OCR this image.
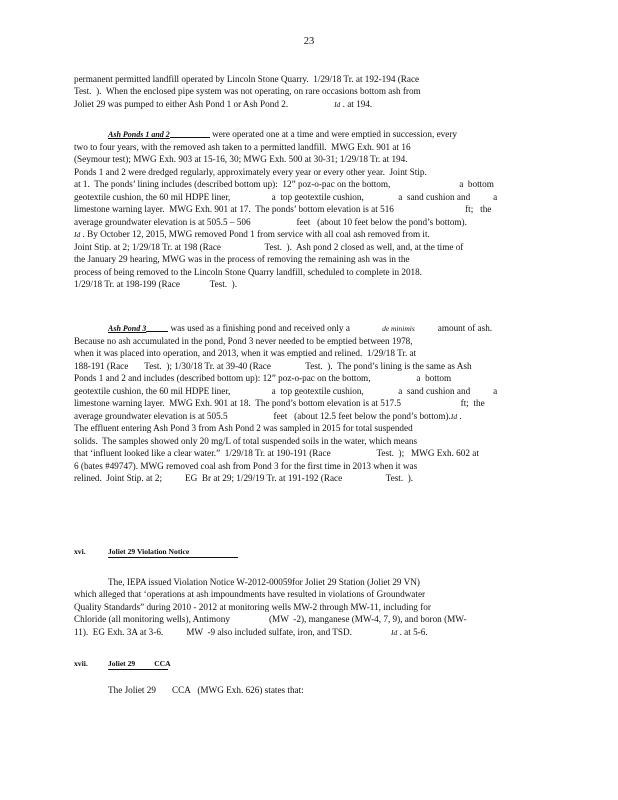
23
permanent permitted landfill operated by Lincoln Stone Quarry.  1/29/18 Tr. at 192-194 (Race
Test.  ).  When the enclosed pipe system was not operating, on rare occasions bottom ash from
Joliet 29 was pumped to either Ash Pond 1 or Ash Pond 2.                    Id . at 194.
Ash Ponds 1 and 2	were operated one at a time and were emptied in succession, every
two to four years, with the removed ash taken to a permitted landfill.  MWG Exh. 901 at 16
(Seymour test); MWG Exh. 903 at 15-16, 30; MWG Exh. 500 at 30-31; 1/29/18 Tr. at 194.
Ponds 1 and 2 were dredged regularly, approximately every year or every other year.  Joint Stip.
at 1.  The ponds’ lining includes (described bottom up):  12” poz-o-pac on the bottom,                              a  bottom
geotextile cushion, the 60 mil HDPE liner,                  a  top geotextile cushion,               a  sand cushion and          a
limestone warning layer.  MWG Exh. 901 at 17.  The ponds’ bottom elevation is at 516                               ft;   the
average groundwater elevation is at 505.5 – 506                    feet   (about 10 feet below the pond’s bottom).
Id . By October 12, 2015, MWG removed Pond 1 from service with all coal ash removed from it.
Joint Stip. at 2; 1/29/18 Tr. at 198 (Race                   Test.  ).  Ash pond 2 closed as well, and, at the time of
the January 29 hearing, MWG was in the process of removing the remaining ash was in the
process of being removed to the Lincoln Stone Quarry landfill, scheduled to complete in 2018.
1/29/18 Tr. at 198-199 (Race             Test.  ).
Ash Pond 3 was used as a finishing pond and received only a              de minimis          amount of ash.
Because no ash accumulated in the pond, Pond 3 never needed to be emptied between 1978,
when it was placed into operation, and 2013, when it was emptied and relined.  1/29/18 Tr. at
188-191 (Race       Test.  ); 1/30/18 Tr. at 39-40 (Race               Test.  ).  The pond’s lining is the same as Ash
Ponds 1 and 2 and includes (described bottom up): 12” poz-o-pac on the bottom,                    a  bottom
geotextile cushion, the 60 mil HDPE liner,                  a  top geotextile cushion,               a  sand cushion and          a
limestone warning layer.  MWG Exh. 901 at 18.  The pond’s bottom elevation is at 517.5                          ft;  the
average groundwater elevation is at 505.5                    feet   (about 12.5 feet below the pond’s bottom).Id .
The effluent entering Ash Pond 3 from Ash Pond 2 was sampled in 2015 for total suspended
solids.  The samples showed only 20 mg/L of total suspended soils in the water, which means
that ‘influent looked like a clear water.”  1/29/18 Tr. at 190-191 (Race                    Test.  );   MWG Exh. 602 at
6 (bates #49747). MWG removed coal ash from Pond 3 for the first time in 2013 when it was
relined.  Joint Stip. at 2;          EG  Br at 29; 1/29/19 Tr. at 191-192 (Race                   Test.  ).
xvi.	Joliet 29 Violation Notice
The, IEPA issued Violation Notice W-2012-00059for Joliet 29 Station (Joliet 29 VN)
which alleged that ‘operations at ash impoundments have resulted in violations of Groundwater
Quality Standards” during 2010 - 2012 at monitoring wells MW-2 through MW-11, including for
Chloride (all monitoring wells), Antimony                 (MW  -2), manganese (MW-4, 7, 9), and boron (MW-
11).  EG Exh. 3A at 3-6.          MW  -9 also included sulfate, iron, and TSD.                 Id . at 5-6.
xvii.	Joliet 29          CCA
The Joliet 29       CCA   (MWG Exh. 626) states that:
